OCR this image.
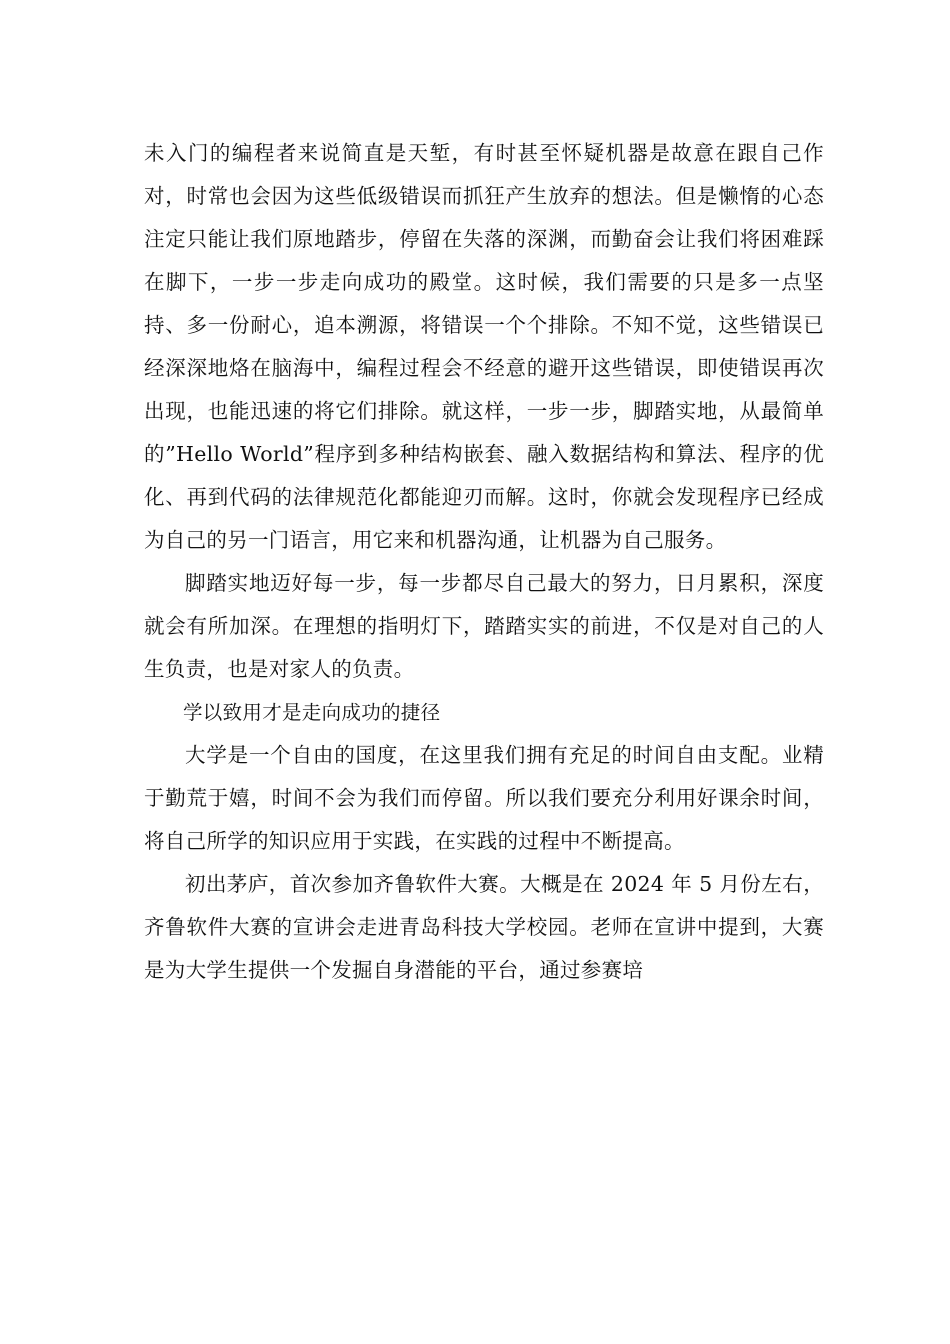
未入门的编程者来说简直是天堑，有时甚至怀疑机器是故意在跟自己作对，时常也会因为这些低级错误而抓狂产生放弃的想法。但是懒惰的心态注定只能让我们原地踏步，停留在失落的深渊，而勤奋会让我们将困难踩在脚下，一步一步走向成功的殿堂。这时候，我们需要的只是多一点坚持、多一份耐心，追本溯源，将错误一个个排除。不知不觉，这些错误已经深深地烙在脑海中，编程过程会不经意的避开这些错误，即使错误再次出现，也能迅速的将它们排除。就这样，一步一步，脚踏实地，从最简单的”Hello World”程序到多种结构嵌套、融入数据结构和算法、程序的优化、再到代码的法律规范化都能迎刃而解。这时，你就会发现程序已经成为自己的另一门语言，用它来和机器沟通，让机器为自己服务。

脚踏实地迈好每一步，每一步都尽自己最大的努力，日月累积，深度就会有所加深。在理想的指明灯下，踏踏实实的前进，不仅是对自己的人生负责，也是对家人的负责。

学以致用才是走向成功的捷径

大学是一个自由的国度，在这里我们拥有充足的时间自由支配。业精于勤荒于嬉，时间不会为我们而停留。所以我们要充分利用好课余时间，将自己所学的知识应用于实践，在实践的过程中不断提高。

初出茅庐，首次参加齐鲁软件大赛。大概是在 2024 年 5 月份左右，齐鲁软件大赛的宣讲会走进青岛科技大学校园。老师在宣讲中提到，大赛是为大学生提供一个发掘自身潜能的平台，通过参赛培
